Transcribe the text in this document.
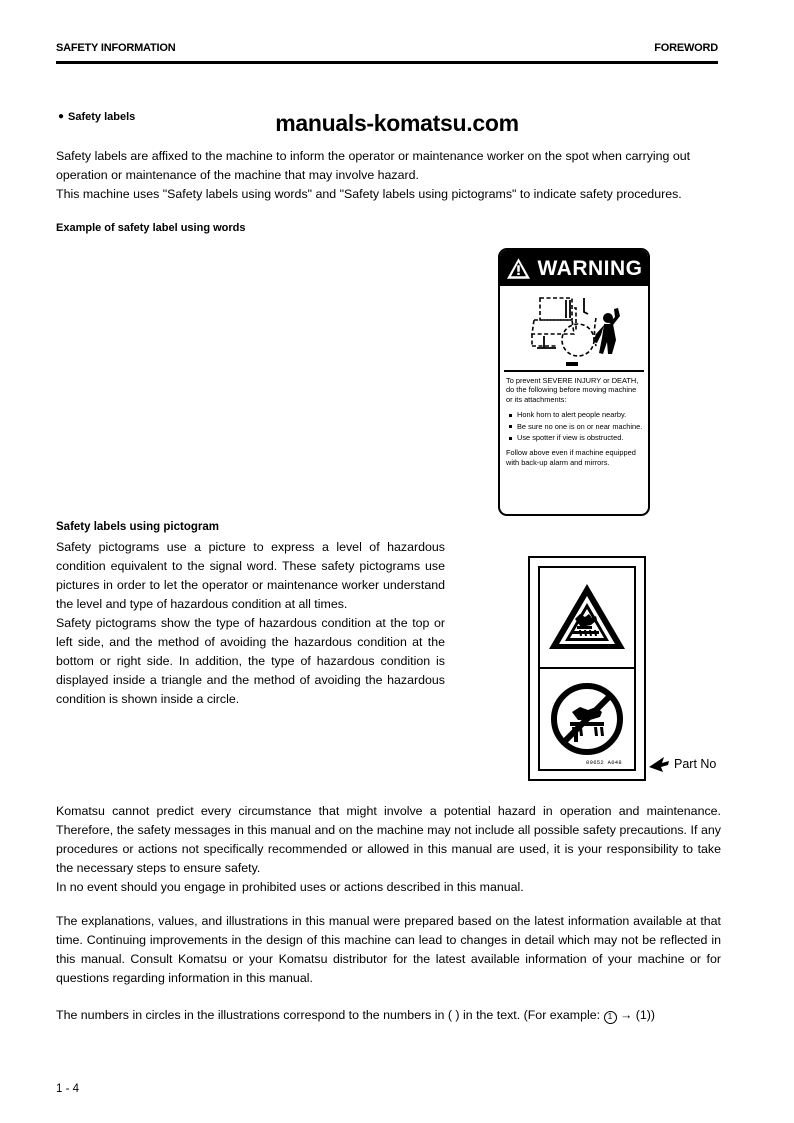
SAFETY INFORMATION	FOREWORD
manuals-komatsu.com
● Safety labels
Safety labels are affixed to the machine to inform the operator or maintenance worker on the spot when carrying out operation or maintenance of the machine that may involve hazard.
This machine uses "Safety labels using words" and "Safety labels using pictograms" to indicate safety procedures.
Example of safety label using words
WARNING

To prevent SEVERE INJURY or DEATH, do the following before moving machine or its attachments:

Honk horn to alert people nearby.
Be sure no one is on or near machine.
Use spotter if view is obstructed.

Follow above even if machine equipped with back-up alarm and mirrors.

Safety labels using pictogram
Safety pictograms use a picture to express a level of hazardous condition equivalent to the signal word. These safety pictograms use pictures in order to let the operator or maintenance worker understand the level and type of hazardous condition at all times.
Safety pictograms show the type of hazardous condition at the top or left side, and the method of avoiding the hazardous condition at the bottom or right side. In addition, the type of hazardous condition is displayed inside a triangle and the method of avoiding the hazardous condition is shown inside a circle.
09652 A048	Part No
Komatsu cannot predict every circumstance that might involve a potential hazard in operation and maintenance. Therefore, the safety messages in this manual and on the machine may not include all possible safety precautions. If any procedures or actions not specifically recommended or allowed in this manual are used, it is your responsibility to take the necessary steps to ensure safety.
In no event should you engage in prohibited uses or actions described in this manual.
The explanations, values, and illustrations in this manual were prepared based on the latest information available at that time. Continuing improvements in the design of this machine can lead to changes in detail which may not be reflected in this manual. Consult Komatsu or your Komatsu distributor for the latest available information of your machine or for questions regarding information in this manual.
The numbers in circles in the illustrations correspond to the numbers in ( ) in the text. (For example: 1 → (1))
1 - 4
